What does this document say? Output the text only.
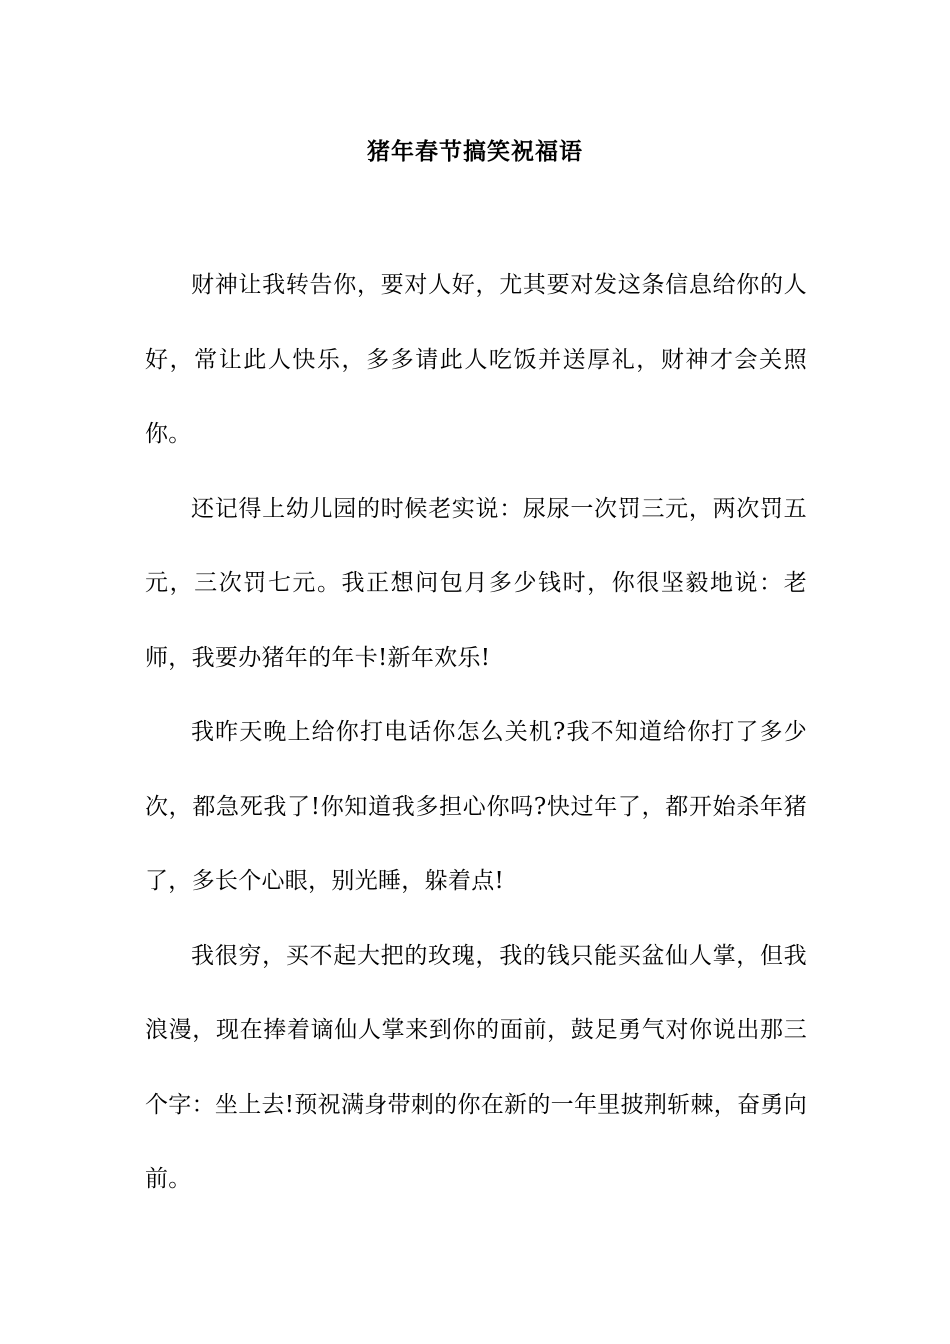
猪年春节搞笑祝福语

财神让我转告你，要对人好，尤其要对发这条信息给你的人好，常让此人快乐，多多请此人吃饭并送厚礼，财神才会关照你。

还记得上幼儿园的时候老实说：尿尿一次罚三元，两次罚五元，三次罚七元。我正想问包月多少钱时，你很坚毅地说：老师，我要办猪年的年卡!新年欢乐!

我昨天晚上给你打电话你怎么关机?我不知道给你打了多少次，都急死我了!你知道我多担心你吗?快过年了，都开始杀年猪了，多长个心眼，别光睡，躲着点!

我很穷，买不起大把的玫瑰，我的钱只能买盆仙人掌，但我浪漫，现在捧着谪仙人掌来到你的面前，鼓足勇气对你说出那三个字：坐上去!预祝满身带刺的你在新的一年里披荆斩棘，奋勇向前。
